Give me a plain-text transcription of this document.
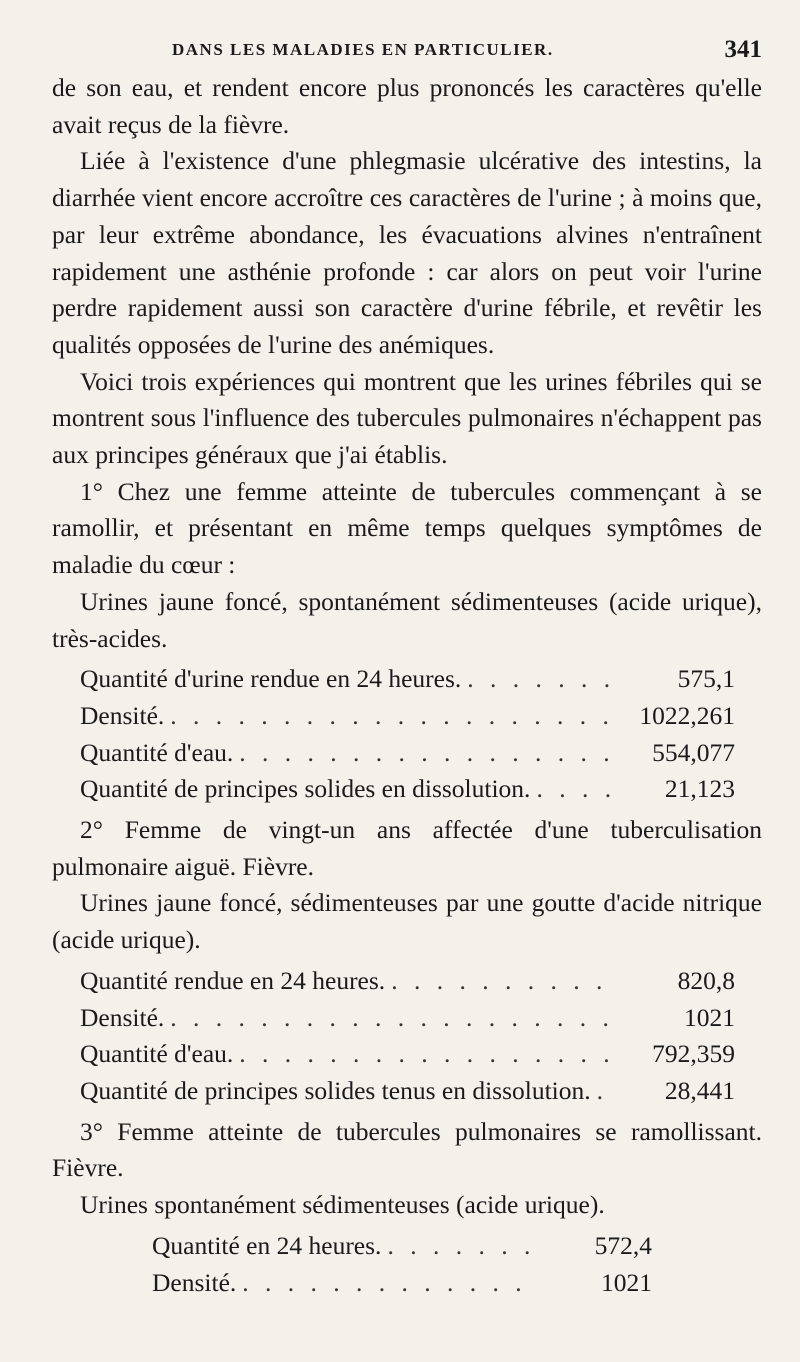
DANS LES MALADIES EN PARTICULIER.	341

de son eau, et rendent encore plus prononcés les caractères qu'elle avait reçus de la fièvre.

Liée à l'existence d'une phlegmasie ulcérative des intestins, la diarrhée vient encore accroître ces caractères de l'urine ; à moins que, par leur extrême abondance, les évacuations alvines n'entraînent rapidement une asthénie profonde : car alors on peut voir l'urine perdre rapidement aussi son caractère d'urine fébrile, et revêtir les qualités opposées de l'urine des anémiques.

Voici trois expériences qui montrent que les urines fébriles qui se montrent sous l'influence des tubercules pulmonaires n'échappent pas aux principes généraux que j'ai établis.

1° Chez une femme atteinte de tubercules commençant à se ramollir, et présentant en même temps quelques symptômes de maladie du cœur :

Urines jaune foncé, spontanément sédimenteuses (acide urique), très-acides.

Quantité d'urine rendue en 24 heures. . . .	575,1
Densité. . . .	1022,261
Quantité d'eau. . . .	554,077
Quantité de principes solides en dissolution. . . .	21,123

2° Femme de vingt-un ans affectée d'une tuberculisation pulmonaire aiguë. Fièvre.

Urines jaune foncé, sédimenteuses par une goutte d'acide nitrique (acide urique).

Quantité rendue en 24 heures. . . .	820,8
Densité. . . .	1021
Quantité d'eau. . . .	792,359
Quantité de principes solides tenus en dissolution. . . .	28,441

3° Femme atteinte de tubercules pulmonaires se ramollissant. Fièvre.

Urines spontanément sédimenteuses (acide urique).

Quantité en 24 heures. . . .	572,4
Densité. . . .	1021
